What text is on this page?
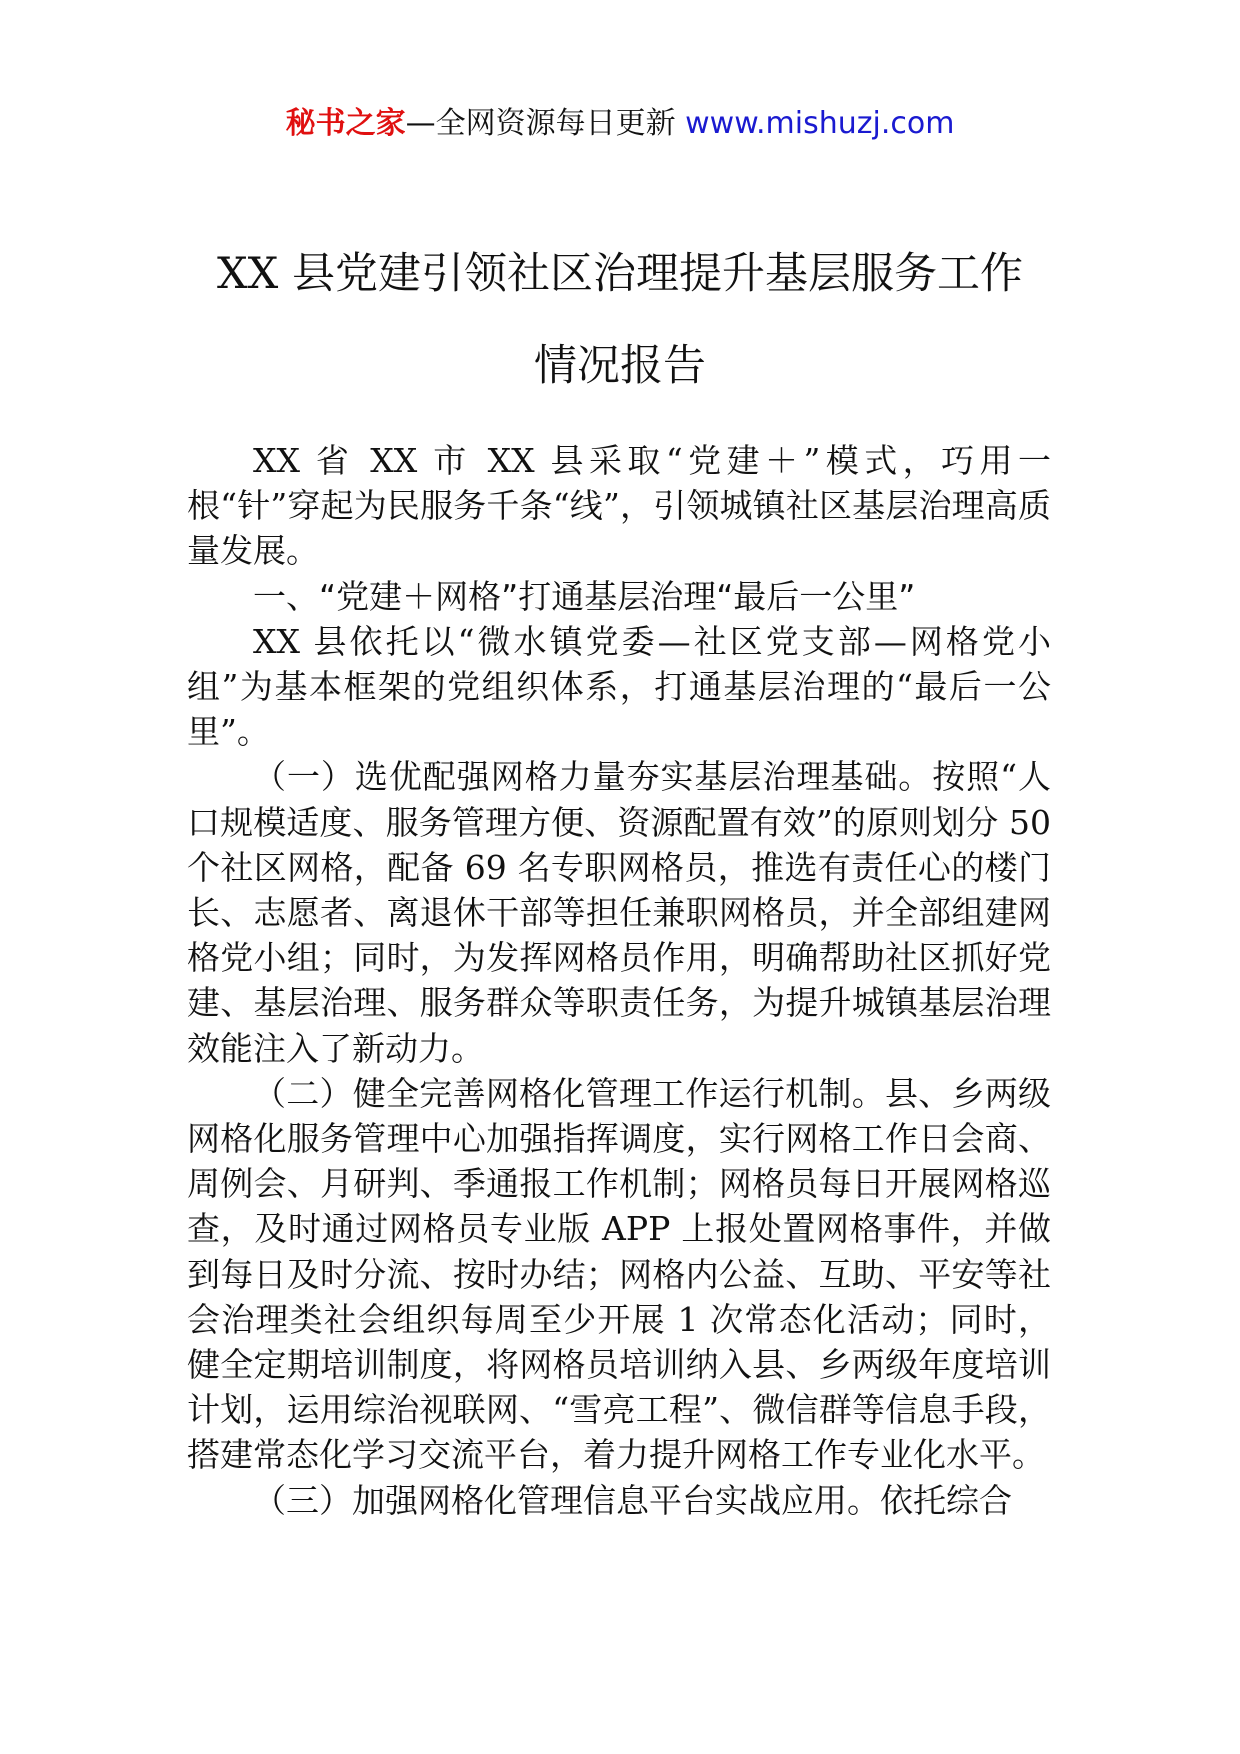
秘书之家—全网资源每日更新 www.mishuzj.com
XX 县党建引领社区治理提升基层服务工作
情况报告

XX 省 XX 市 XX 县采取“党建＋”模式，巧用一根“针”穿起为民服务千条“线”，引领城镇社区基层治理高质量发展。

一、“党建＋网格”打通基层治理“最后一公里”

XX 县依托以“微水镇党委—社区党支部—网格党小组”为基本框架的党组织体系，打通基层治理的“最后一公里”。

（一）选优配强网格力量夯实基层治理基础。按照“人口规模适度、服务管理方便、资源配置有效”的原则划分 50 个社区网格，配备 69 名专职网格员，推选有责任心的楼门长、志愿者、离退休干部等担任兼职网格员，并全部组建网格党小组；同时，为发挥网格员作用，明确帮助社区抓好党建、基层治理、服务群众等职责任务，为提升城镇基层治理效能注入了新动力。

（二）健全完善网格化管理工作运行机制。县、乡两级网格化服务管理中心加强指挥调度，实行网格工作日会商、周例会、月研判、季通报工作机制；网格员每日开展网格巡查，及时通过网格员专业版 APP 上报处置网格事件，并做到每日及时分流、按时办结；网格内公益、互助、平安等社会治理类社会组织每周至少开展 1 次常态化活动；同时，健全定期培训制度，将网格员培训纳入县、乡两级年度培训计划，运用综治视联网、“雪亮工程”、微信群等信息手段，搭建常态化学习交流平台，着力提升网格工作专业化水平。

（三）加强网格化管理信息平台实战应用。依托综合
